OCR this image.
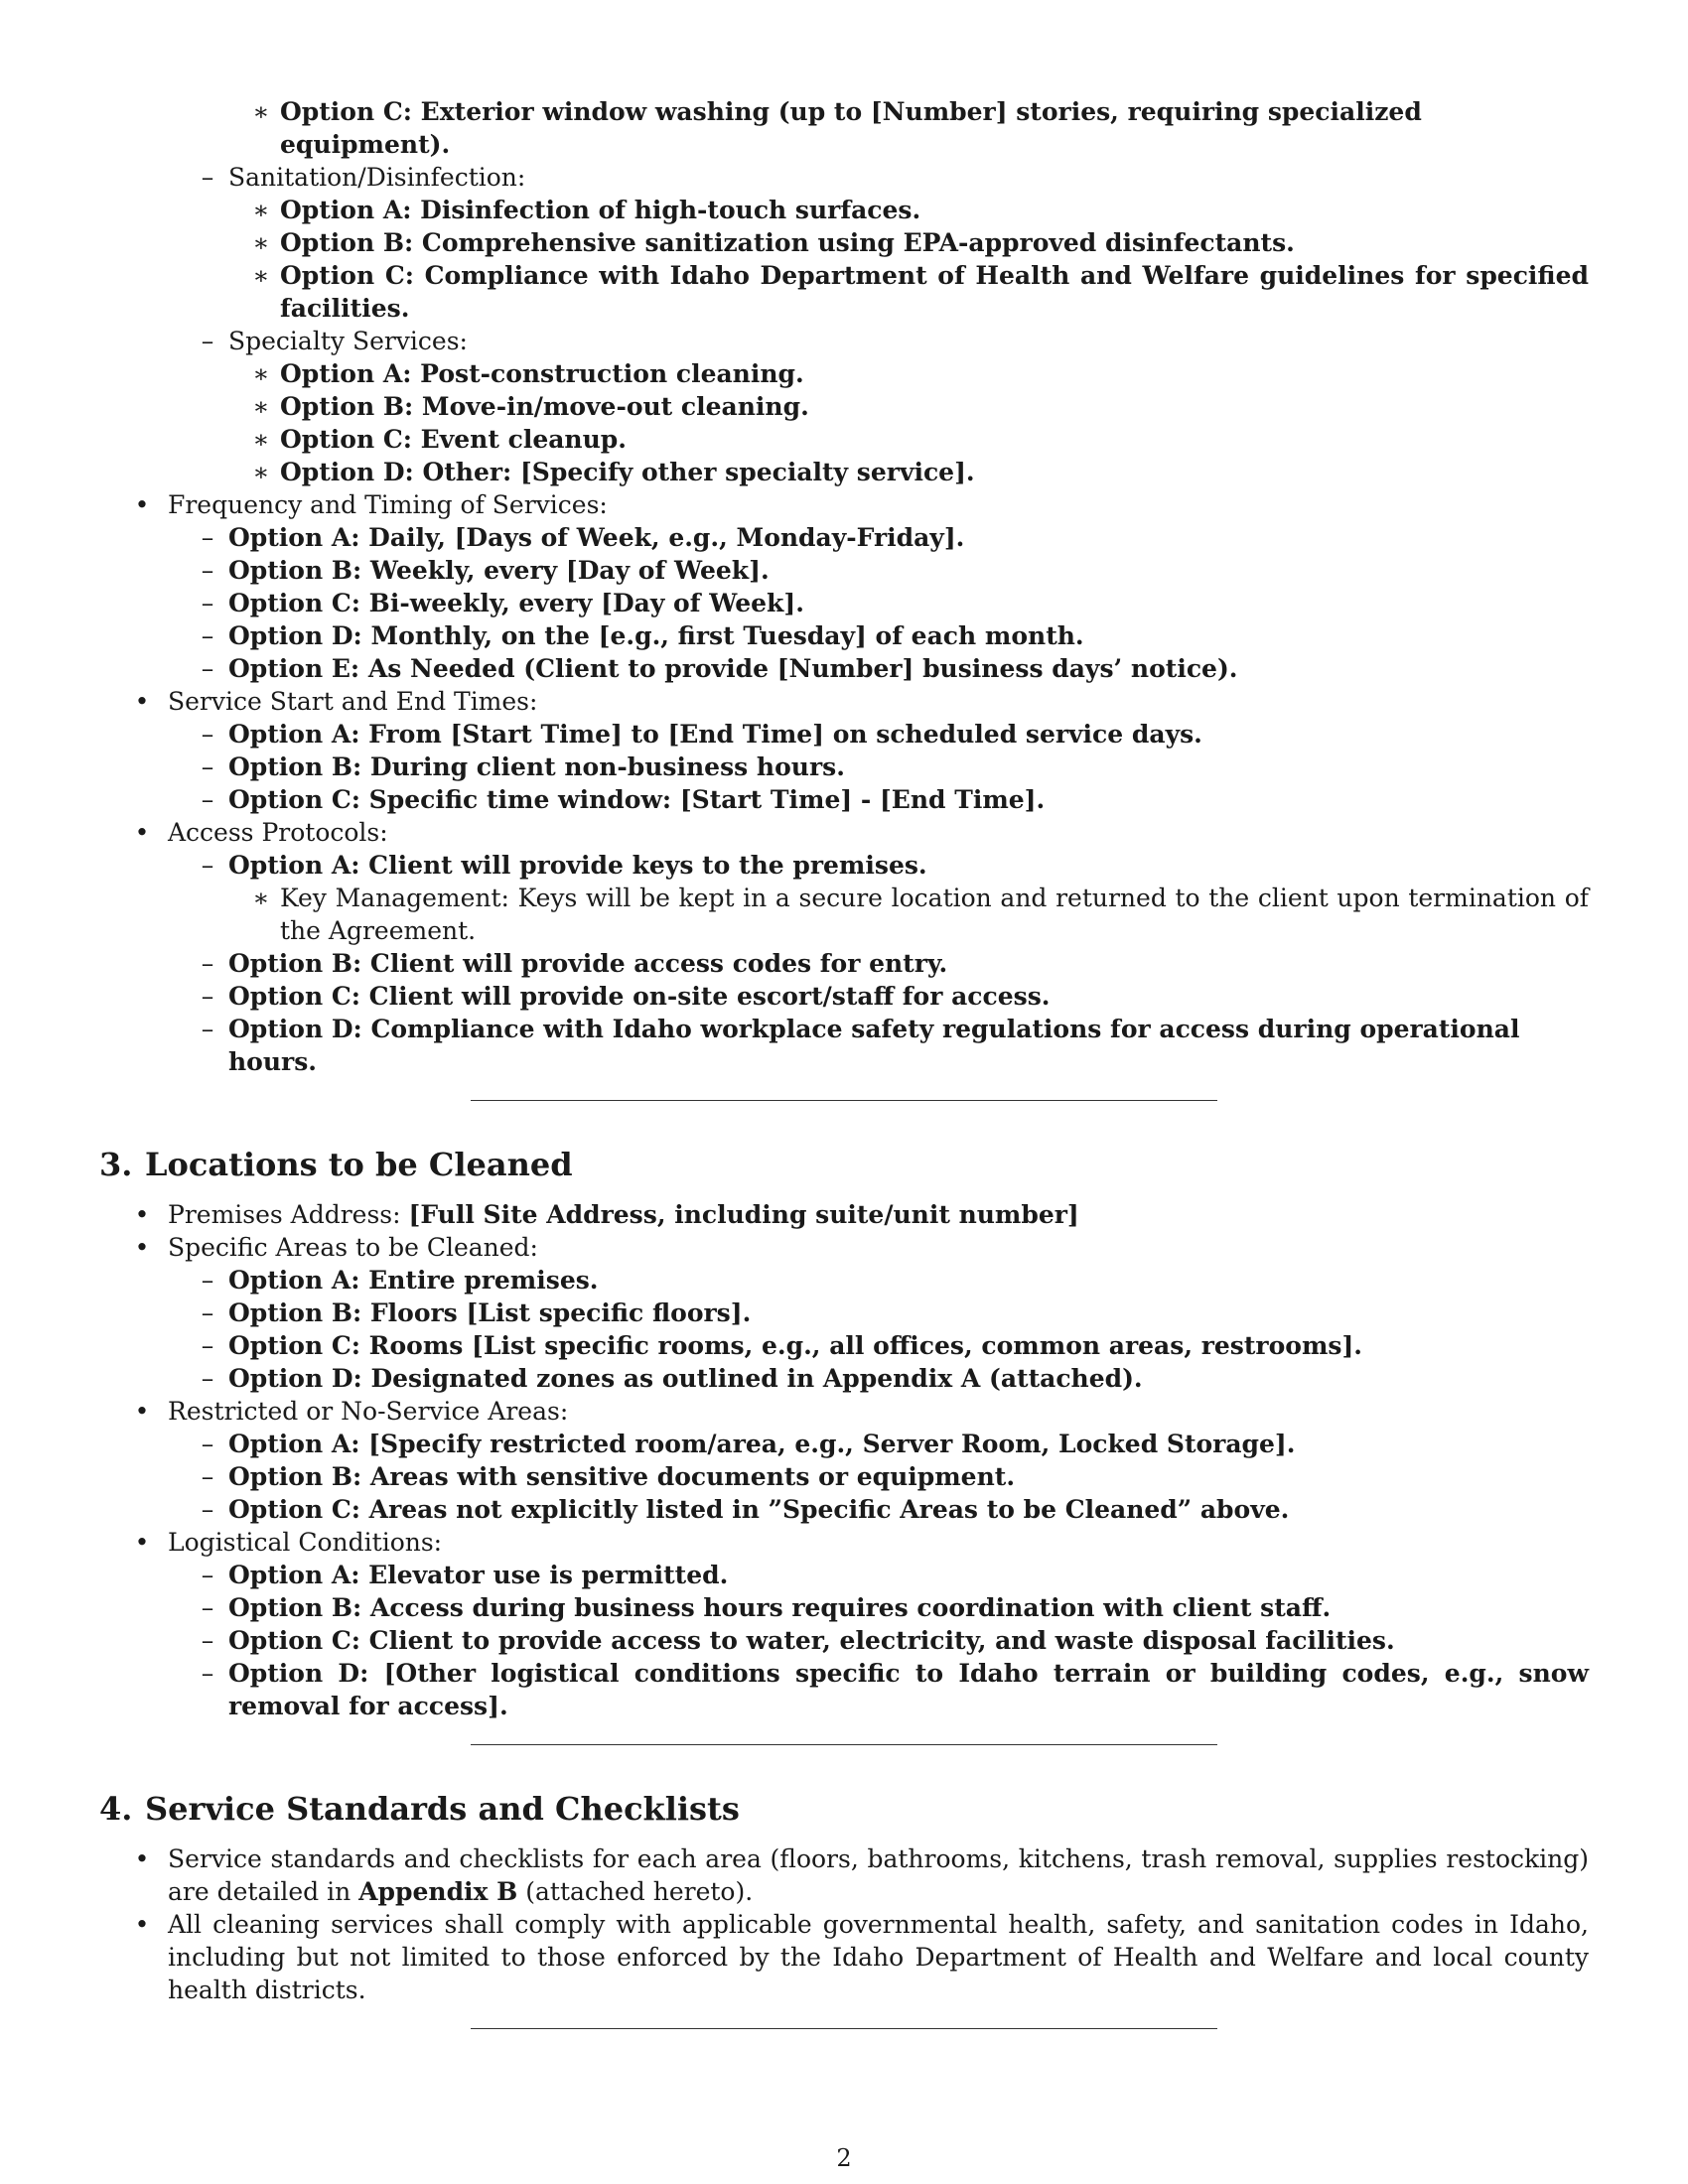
∗ Option C: Exterior window washing (up to [Number] stories, requiring specialized equipment).
– Sanitation/Disinfection:
∗ Option A: Disinfection of high-touch surfaces.
∗ Option B: Comprehensive sanitization using EPA-approved disinfectants.
∗ Option C: Compliance with Idaho Department of Health and Welfare guidelines for specified facilities.
– Specialty Services:
∗ Option A: Post-construction cleaning.
∗ Option B: Move-in/move-out cleaning.
∗ Option C: Event cleanup.
∗ Option D: Other: [Specify other specialty service].
• Frequency and Timing of Services:
– Option A: Daily, [Days of Week, e.g., Monday-Friday].
– Option B: Weekly, every [Day of Week].
– Option C: Bi-weekly, every [Day of Week].
– Option D: Monthly, on the [e.g., first Tuesday] of each month.
– Option E: As Needed (Client to provide [Number] business days’ notice).
• Service Start and End Times:
– Option A: From [Start Time] to [End Time] on scheduled service days.
– Option B: During client non-business hours.
– Option C: Specific time window: [Start Time] - [End Time].
• Access Protocols:
– Option A: Client will provide keys to the premises.
∗ Key Management: Keys will be kept in a secure location and returned to the client upon termination of the Agreement.
– Option B: Client will provide access codes for entry.
– Option C: Client will provide on-site escort/staff for access.
– Option D: Compliance with Idaho workplace safety regulations for access during operational hours.
3. Locations to be Cleaned
• Premises Address: [Full Site Address, including suite/unit number]
• Specific Areas to be Cleaned:
– Option A: Entire premises.
– Option B: Floors [List specific floors].
– Option C: Rooms [List specific rooms, e.g., all offices, common areas, restrooms].
– Option D: Designated zones as outlined in Appendix A (attached).
• Restricted or No-Service Areas:
– Option A: [Specify restricted room/area, e.g., Server Room, Locked Storage].
– Option B: Areas with sensitive documents or equipment.
– Option C: Areas not explicitly listed in ”Specific Areas to be Cleaned” above.
• Logistical Conditions:
– Option A: Elevator use is permitted.
– Option B: Access during business hours requires coordination with client staff.
– Option C: Client to provide access to water, electricity, and waste disposal facilities.
– Option D: [Other logistical conditions specific to Idaho terrain or building codes, e.g., snow removal for access].
4. Service Standards and Checklists
• Service standards and checklists for each area (floors, bathrooms, kitchens, trash removal, supplies restocking) are detailed in Appendix B (attached hereto).
• All cleaning services shall comply with applicable governmental health, safety, and sanitation codes in Idaho, including but not limited to those enforced by the Idaho Department of Health and Welfare and local county health districts.
2
